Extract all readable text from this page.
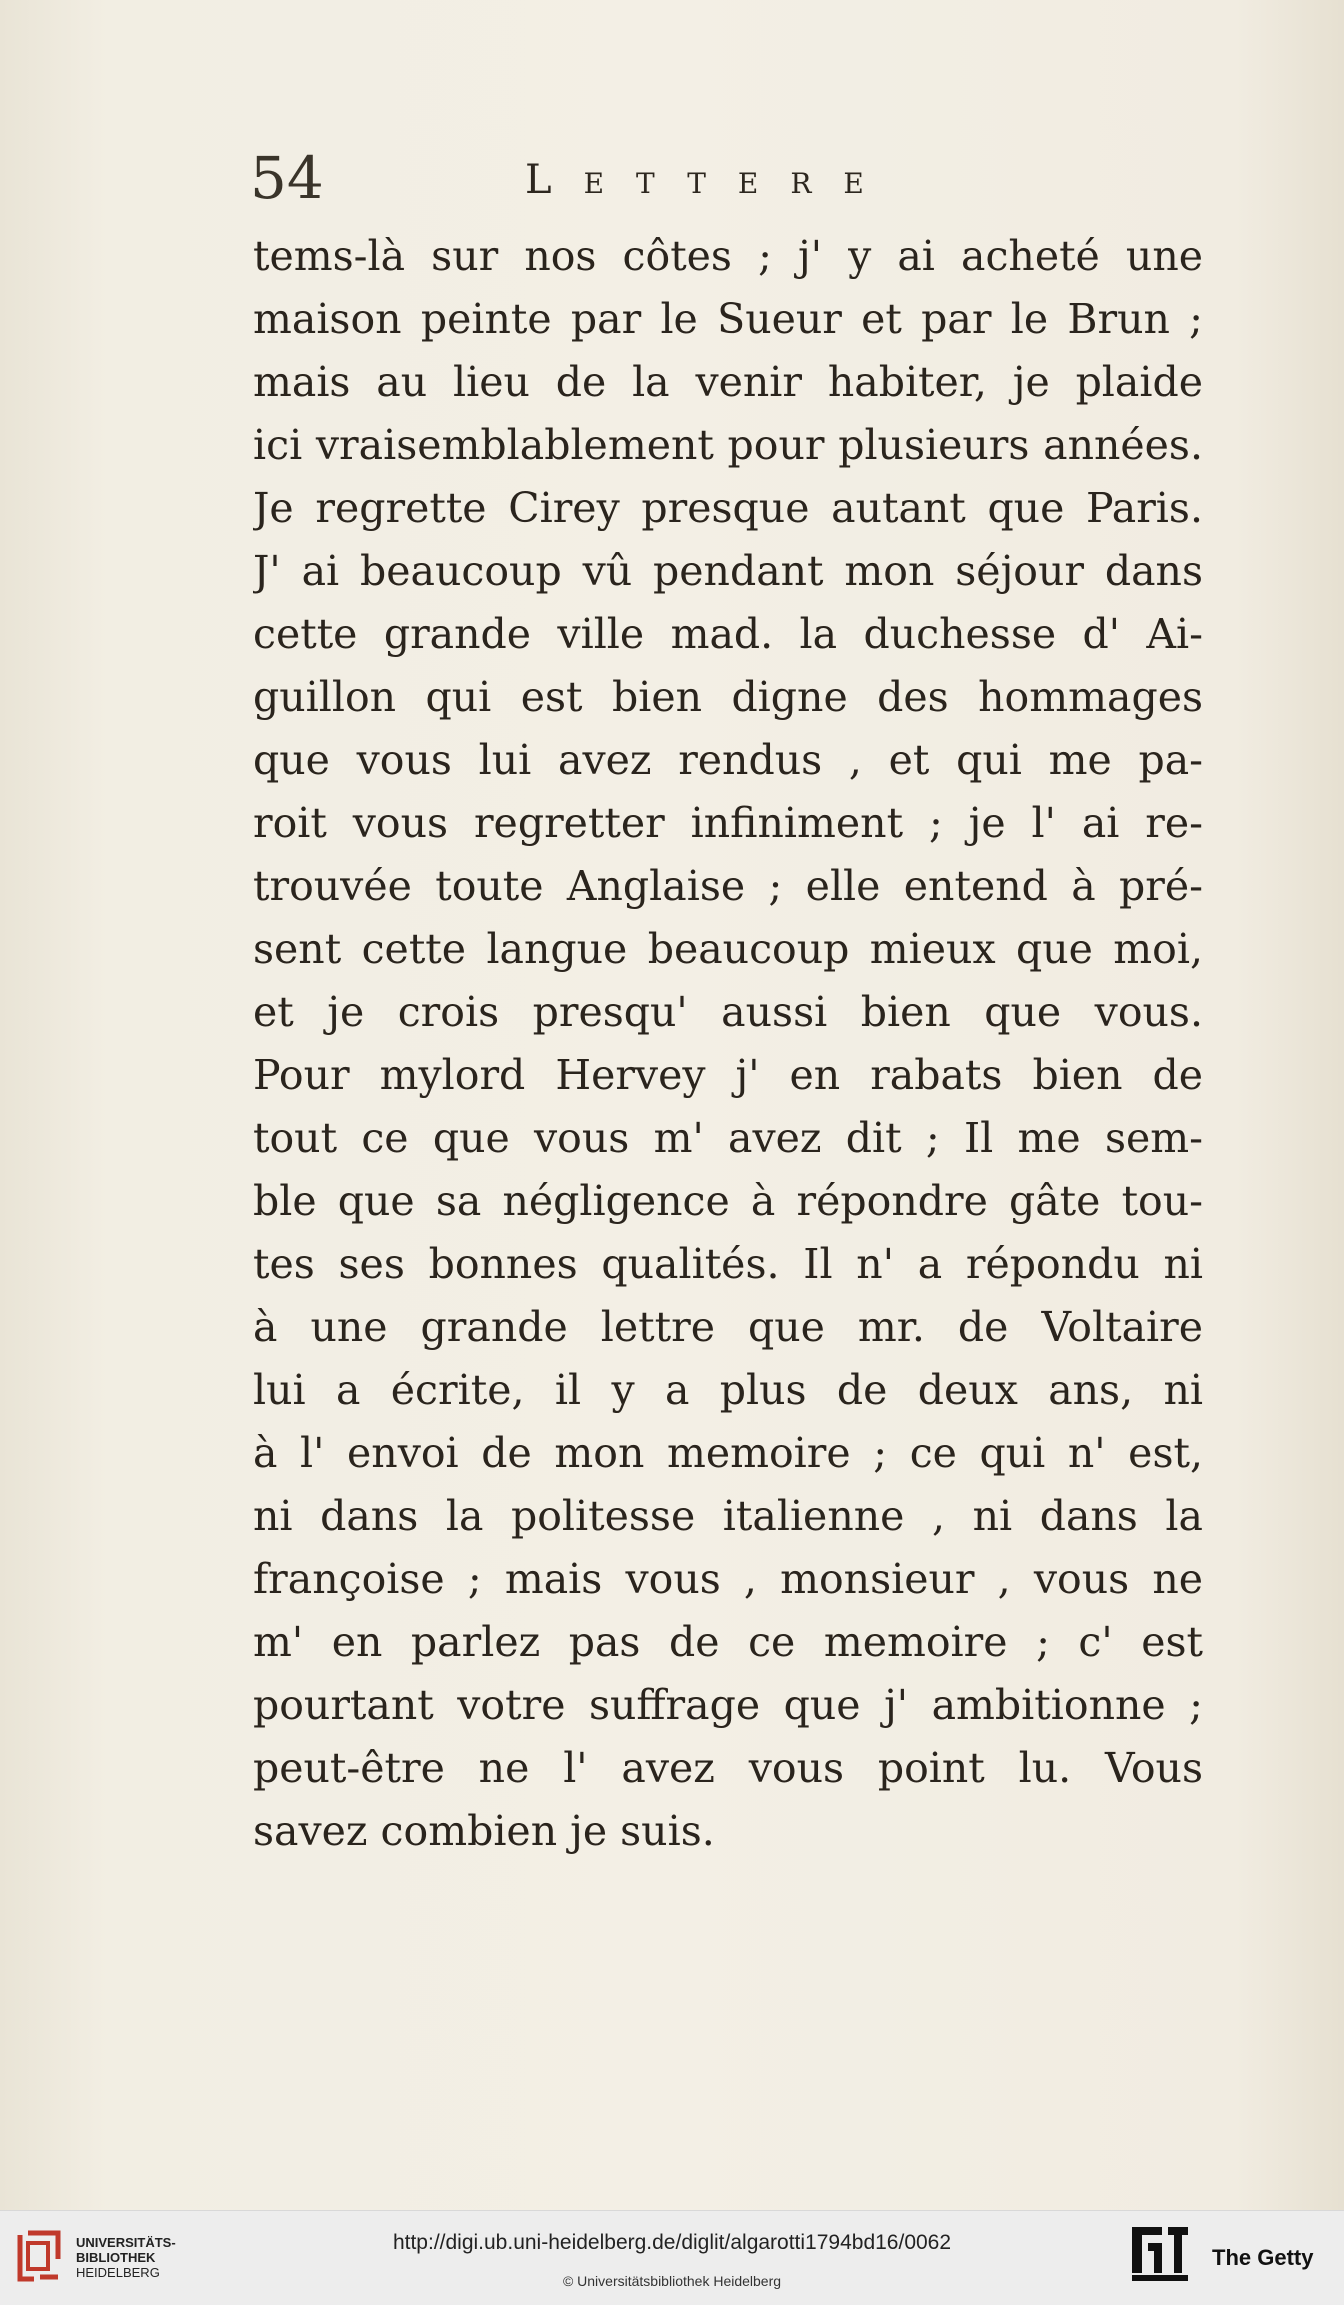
54	Lettere
tems-là sur nos côtes ; j' y ai acheté une
maison peinte par le Sueur et par le Brun ;
mais au lieu de la venir habiter, je plaide
ici vraisemblablement pour plusieurs années.
Je regrette Cirey presque autant que Paris.
J' ai beaucoup vû pendant mon séjour dans
cette grande ville mad. la duchesse d' Ai-
guillon qui est bien digne des hommages
que vous lui avez rendus , et qui me pa-
roit vous regretter infiniment ; je l' ai re-
trouvée toute Anglaise ; elle entend à pré-
sent cette langue beaucoup mieux que moi,
et je crois presqu' aussi bien que vous.
Pour mylord Hervey j' en rabats bien de
tout ce que vous m' avez dit ; Il me sem-
ble que sa négligence à répondre gâte tou-
tes ses bonnes qualités. Il n' a répondu ni
à une grande lettre que mr. de Voltaire
lui a écrite, il y a plus de deux ans, ni
à l' envoi de mon memoire ; ce qui n' est,
ni dans la politesse italienne , ni dans la
françoise ; mais vous , monsieur , vous ne
m' en parlez pas de ce memoire ; c' est
pourtant votre suffrage que j' ambitionne ;
peut-être ne l' avez vous point lu. Vous
savez combien je suis.
UNIVERSITÄTS-
BIBLIOTHEK
HEIDELBERG
http://digi.ub.uni-heidelberg.de/diglit/algarotti1794bd16/0062
© Universitätsbibliothek Heidelberg
The Getty
